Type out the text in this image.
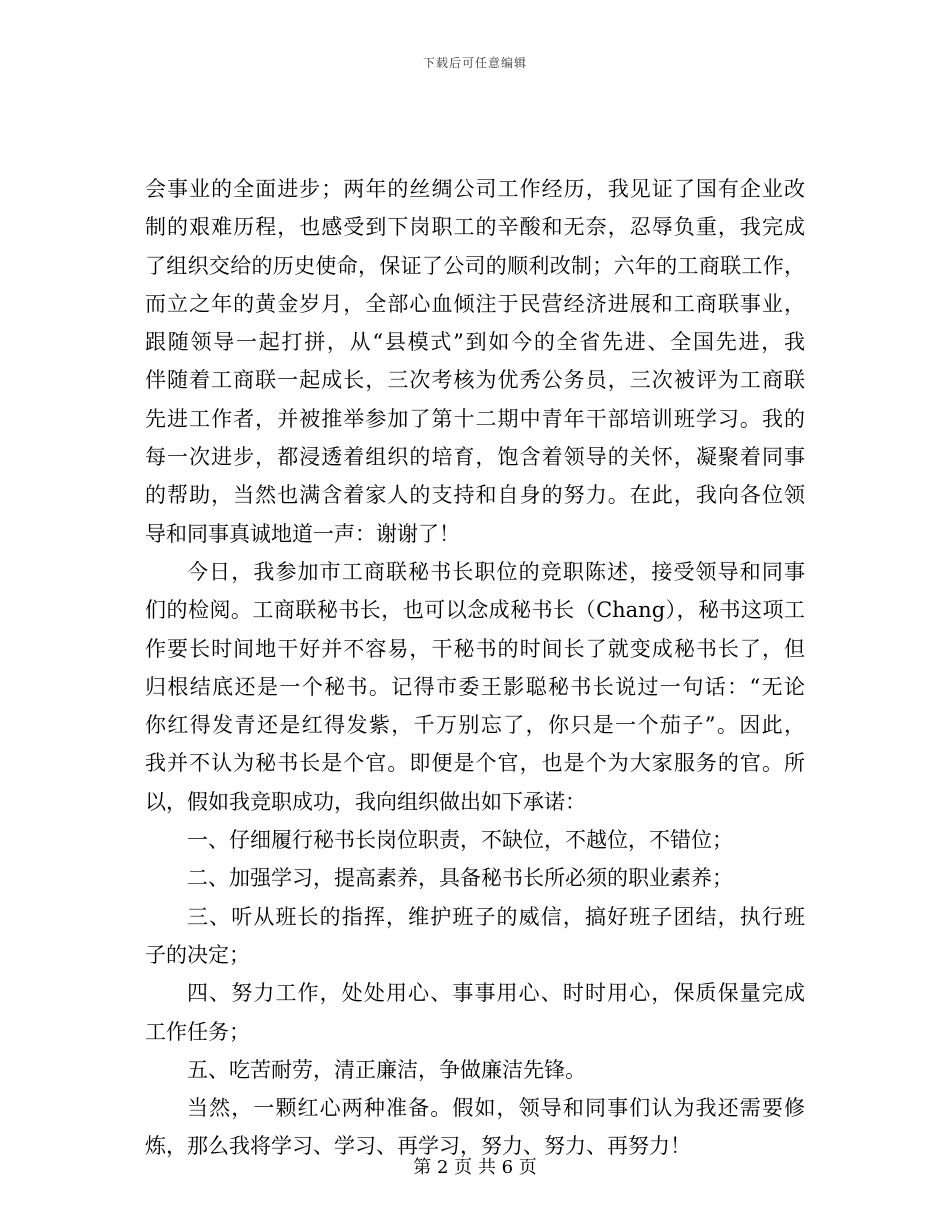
下载后可任意编辑
会事业的全面进步；两年的丝绸公司工作经历，我见证了国有企业改
制的艰难历程，也感受到下岗职工的辛酸和无奈，忍辱负重，我完成
了组织交给的历史使命，保证了公司的顺利改制；六年的工商联工作，
而立之年的黄金岁月，全部心血倾注于民营经济进展和工商联事业，
跟随领导一起打拼，从“县模式”到如今的全省先进、全国先进，我
伴随着工商联一起成长，三次考核为优秀公务员，三次被评为工商联
先进工作者，并被推举参加了第十二期中青年干部培训班学习。我的
每一次进步，都浸透着组织的培育，饱含着领导的关怀，凝聚着同事
的帮助，当然也满含着家人的支持和自身的努力。在此，我向各位领
导和同事真诚地道一声：谢谢了！
今日，我参加市工商联秘书长职位的竞职陈述，接受领导和同事
们的检阅。工商联秘书长，也可以念成秘书长（Chang），秘书这项工
作要长时间地干好并不容易，干秘书的时间长了就变成秘书长了，但
归根结底还是一个秘书。记得市委王影聪秘书长说过一句话：“无论
你红得发青还是红得发紫，千万别忘了，你只是一个茄子”。因此，
我并不认为秘书长是个官。即便是个官，也是个为大家服务的官。所
以，假如我竞职成功，我向组织做出如下承诺：
一、仔细履行秘书长岗位职责，不缺位，不越位，不错位；
二、加强学习，提高素养，具备秘书长所必须的职业素养；
三、听从班长的指挥，维护班子的威信，搞好班子团结，执行班
子的决定；
四、努力工作，处处用心、事事用心、时时用心，保质保量完成
工作任务；
五、吃苦耐劳，清正廉洁，争做廉洁先锋。
当然，一颗红心两种准备。假如，领导和同事们认为我还需要修
炼，那么我将学习、学习、再学习，努力、努力、再努力！
第 2 页 共 6 页
